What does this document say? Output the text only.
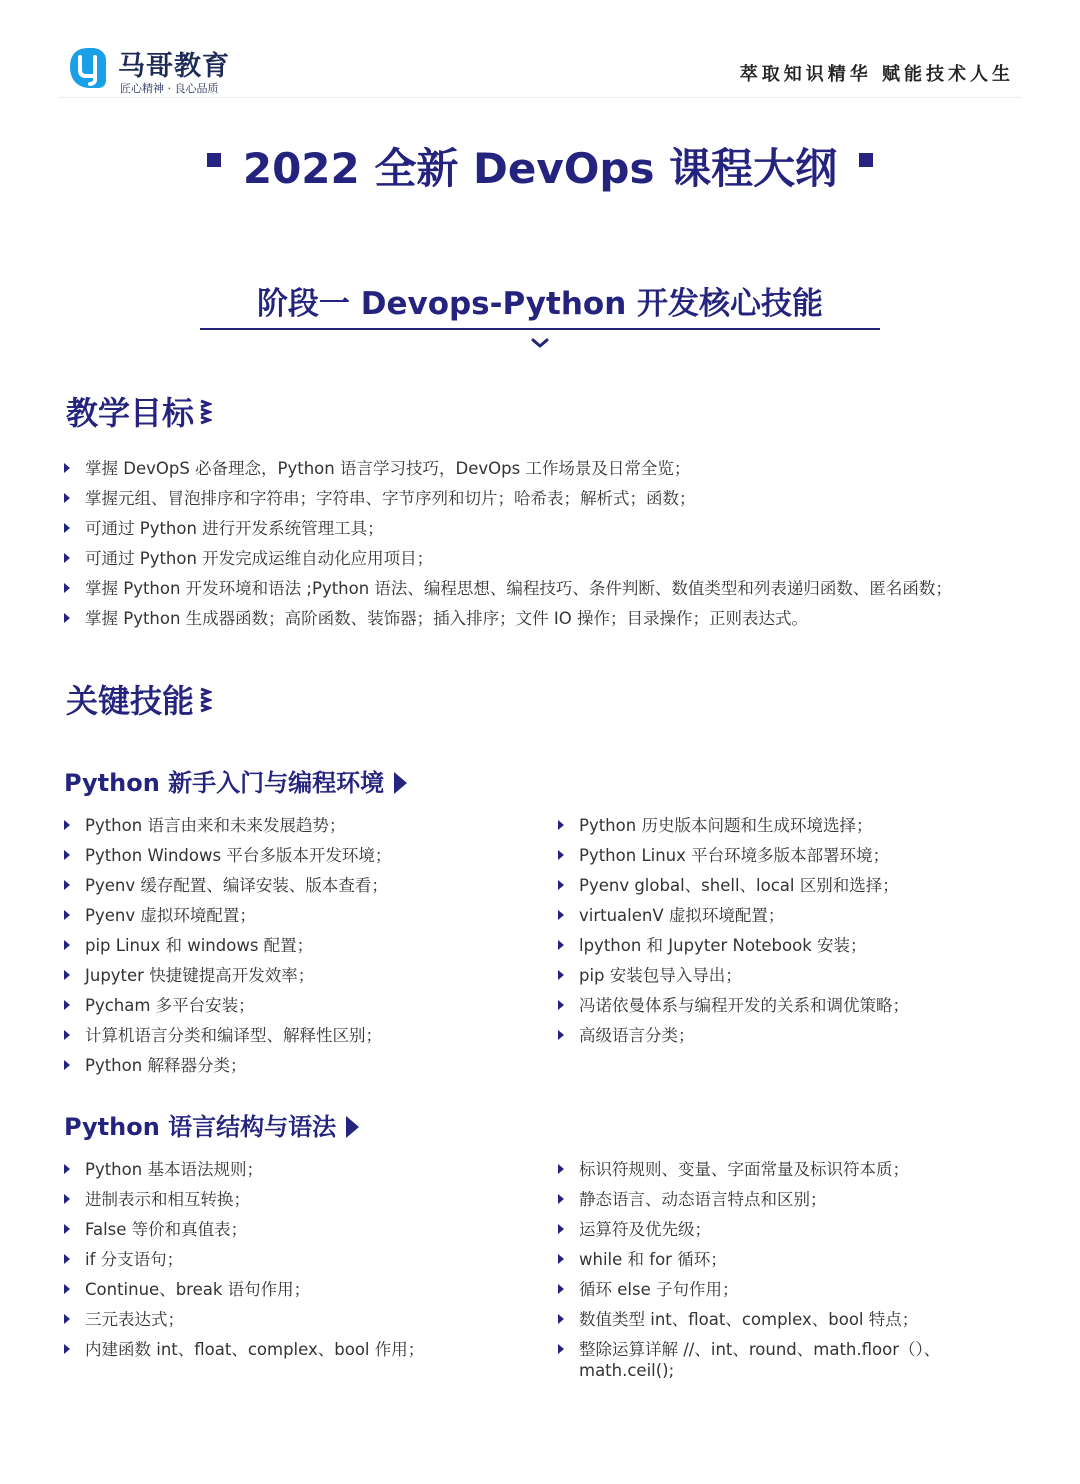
马哥教育
匠心精神 · 良心品质
萃取知识精华 赋能技术人生
2022 全新 DevOps 课程大纲
阶段一 Devops-Python 开发核心技能
教学目标
掌握 DevOpS 必备理念，Python 语言学习技巧，DevOps 工作场景及日常全览；
掌握元组、冒泡排序和字符串；字符串、字节序列和切片；哈希表；解析式；函数；
可通过 Python 进行开发系统管理工具；
可通过 Python 开发完成运维自动化应用项目；
掌握 Python 开发环境和语法 ;Python 语法、编程思想、编程技巧、条件判断、数值类型和列表递归函数、匿名函数；
掌握 Python 生成器函数；高阶函数、装饰器；插入排序；文件 IO 操作；目录操作；正则表达式。
关键技能
Python 新手入门与编程环境
Python 语言由来和未来发展趋势；
Python Windows 平台多版本开发环境；
Pyenv 缓存配置、编译安装、版本查看；
Pyenv 虚拟环境配置；
pip Linux 和 windows 配置；
Jupyter 快捷键提高开发效率；
Pycham 多平台安装；
计算机语言分类和编译型、解释性区别；
Python 解释器分类；
Python 历史版本问题和生成环境选择；
Python Linux 平台环境多版本部署环境；
Pyenv global、shell、local 区别和选择；
virtualenV 虚拟环境配置；
lpython 和 Jupyter Notebook 安装；
pip 安装包导入导出；
冯诺依曼体系与编程开发的关系和调优策略；
高级语言分类；
Python 语言结构与语法
Python 基本语法规则；
进制表示和相互转换；
False 等价和真值表；
if 分支语句；
Continue、break 语句作用；
三元表达式；
内建函数 int、float、complex、bool 作用；
标识符规则、变量、字面常量及标识符本质；
静态语言、动态语言特点和区别；
运算符及优先级；
while 和 for 循环；
循环 else 子句作用；
数值类型 int、float、complex、bool 特点；
整除运算详解 //、int、round、math.floor（）、math.ceil();
